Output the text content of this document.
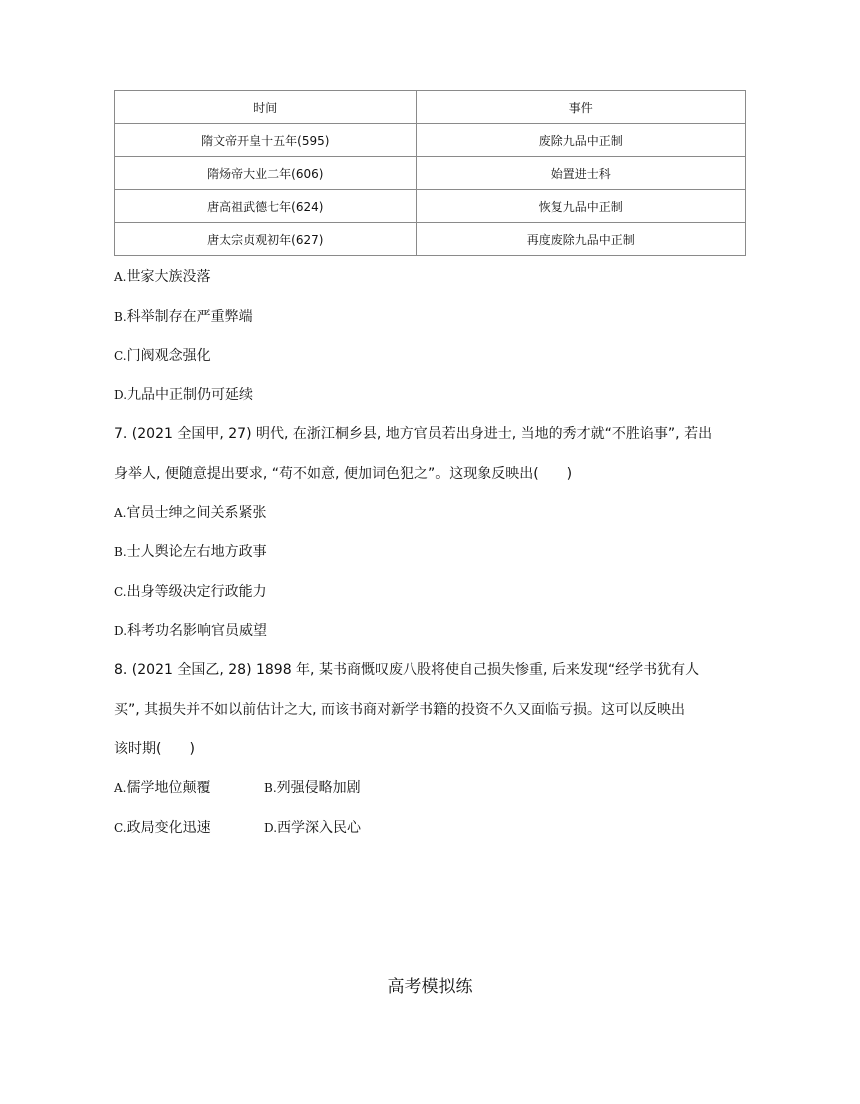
时间	事件
隋文帝开皇十五年(595)	废除九品中正制
隋炀帝大业二年(606)	始置进士科
唐高祖武德七年(624)	恢复九品中正制
唐太宗贞观初年(627)	再度废除九品中正制
A.世家大族没落
B.科举制存在严重弊端
C.门阀观念强化
D.九品中正制仍可延续
7. (2021 全国甲, 27) 明代, 在浙江桐乡县, 地方官员若出身进士, 当地的秀才就“不胜谄事”, 若出
身举人, 便随意提出要求, “苟不如意, 便加词色犯之”。这现象反映出(　　)
A.官员士绅之间关系紧张
B.士人舆论左右地方政事
C.出身等级决定行政能力
D.科考功名影响官员威望
8. (2021 全国乙, 28) 1898 年, 某书商慨叹废八股将使自己损失惨重, 后来发现“经学书犹有人
买”, 其损失并不如以前估计之大, 而该书商对新学书籍的投资不久又面临亏损。这可以反映出
该时期(　　)
A.儒学地位颠覆	B.列强侵略加剧
C.政局变化迅速	D.西学深入民心
高考模拟练
